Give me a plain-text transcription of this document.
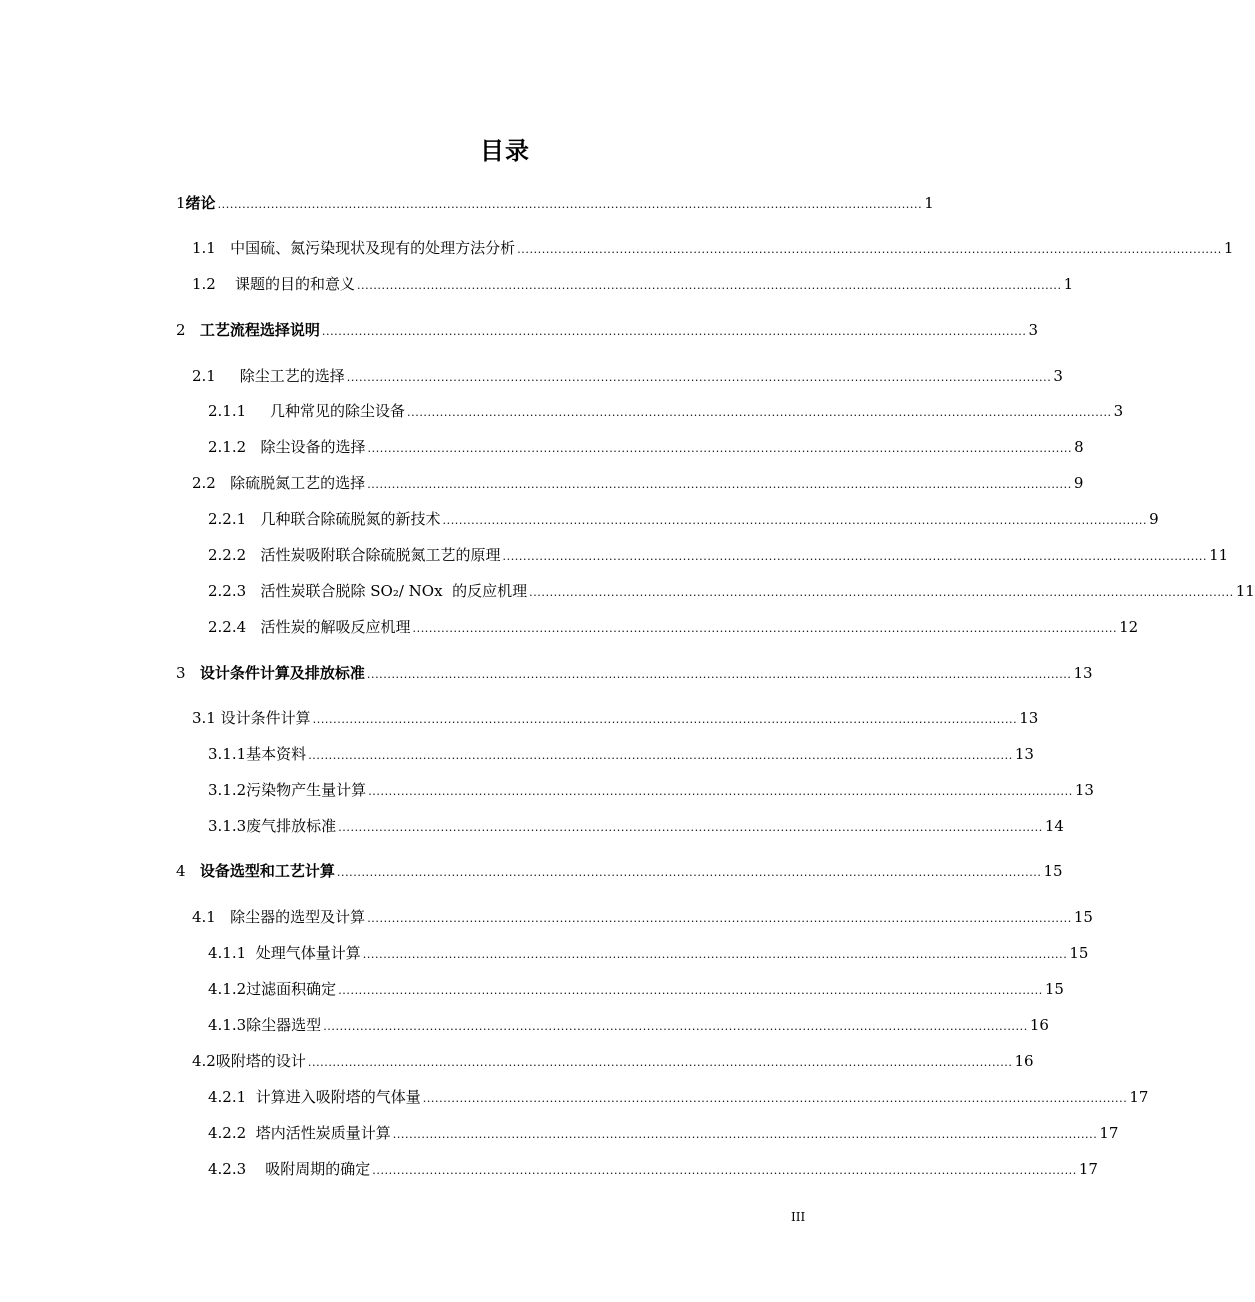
目录
1 绪论 ............................................................................................................................................................................ 1
1.1 中国硫、氮污染现状及现有的处理方法分析 ............................................................................................................................................................................ 1
1.2 课题的目的和意义 ............................................................................................................................................................................ 1
2 工艺流程选择说明 ............................................................................................................................................................................ 3
2.1 除尘工艺的选择 ............................................................................................................................................................................ 3
2.1.1 几种常见的除尘设备 ............................................................................................................................................................................ 3
2.1.2 除尘设备的选择 ............................................................................................................................................................................ 8
2.2 除硫脱氮工艺的选择 ............................................................................................................................................................................ 9
2.2.1 几种联合除硫脱氮的新技术 ............................................................................................................................................................................ 9
2.2.2 活性炭吸附联合除硫脱氮工艺的原理 ............................................................................................................................................................................ 11
2.2.3 活性炭联合脱除 SO₂/ NOx  的反应机理 ............................................................................................................................................................................ 11
2.2.4 活性炭的解吸反应机理 ............................................................................................................................................................................ 12
3 设计条件计算及排放标准 ............................................................................................................................................................................ 13
3.1 设计条件计算 ............................................................................................................................................................................ 13
3.1.1 基本资料 ............................................................................................................................................................................ 13
3.1.2 污染物产生量计算 ............................................................................................................................................................................ 13
3.1.3 废气排放标准 ............................................................................................................................................................................ 14
4 设备选型和工艺计算 ............................................................................................................................................................................ 15
4.1 除尘器的选型及计算 ............................................................................................................................................................................ 15
4.1.1 处理气体量计算 ............................................................................................................................................................................ 15
4.1.2 过滤面积确定 ............................................................................................................................................................................ 15
4.1.3 除尘器选型 ............................................................................................................................................................................ 16
4.2 吸附塔的设计 ............................................................................................................................................................................ 16
4.2.1 计算进入吸附塔的气体量 ............................................................................................................................................................................ 17
4.2.2 塔内活性炭质量计算 ............................................................................................................................................................................ 17
4.2.3 吸附周期的确定 ............................................................................................................................................................................ 17
III
